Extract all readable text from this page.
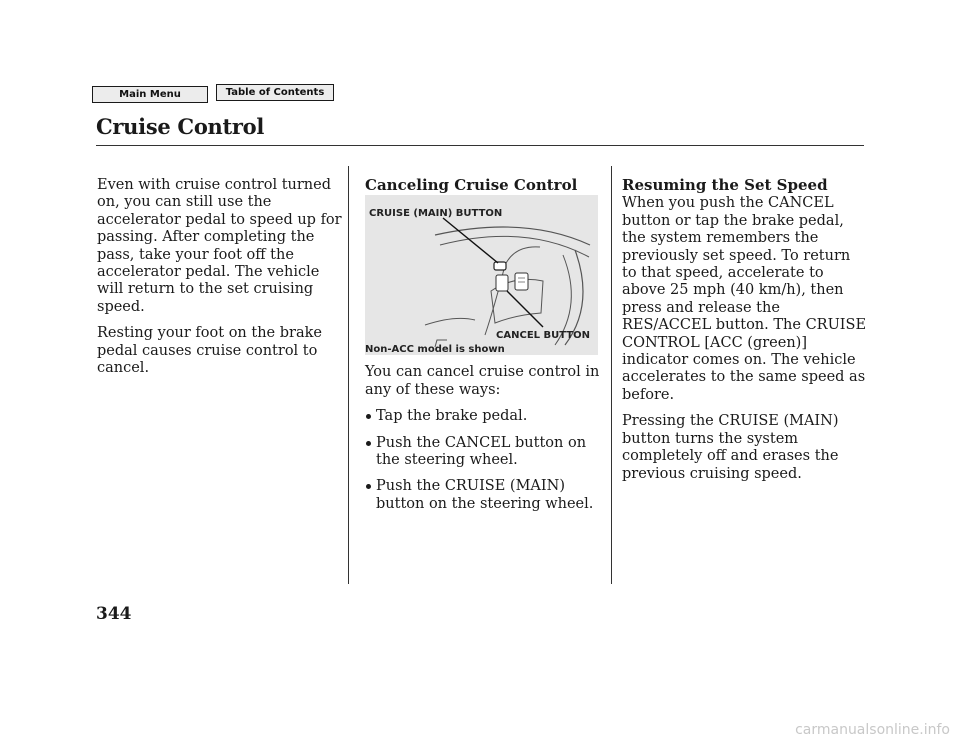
Main Menu	Table of Contents
Cruise Control

Even with cruise control turned on, you can still use the accelerator pedal to speed up for passing. After completing the pass, take your foot off the accelerator pedal. The vehicle will return to the set cruising speed.

Resting your foot on the brake pedal causes cruise control to cancel.

Canceling Cruise Control
CRUISE (MAIN) BUTTON
CANCEL BUTTON
Non-ACC model is shown

You can cancel cruise control in any of these ways:

Tap the brake pedal.
Push the CANCEL button on the steering wheel.
Push the CRUISE (MAIN) button on the steering wheel.
Resuming the Set Speed

When you push the CANCEL button or tap the brake pedal, the system remembers the previously set speed. To return to that speed, accelerate to above 25 mph (40 km/h), then press and release the RES/ACCEL button. The CRUISE CONTROL [ACC (green)] indicator comes on. The vehicle accelerates to the same speed as before.

Pressing the CRUISE (MAIN) button turns the system completely off and erases the previous cruising speed.

344
carmanualsonline.info
